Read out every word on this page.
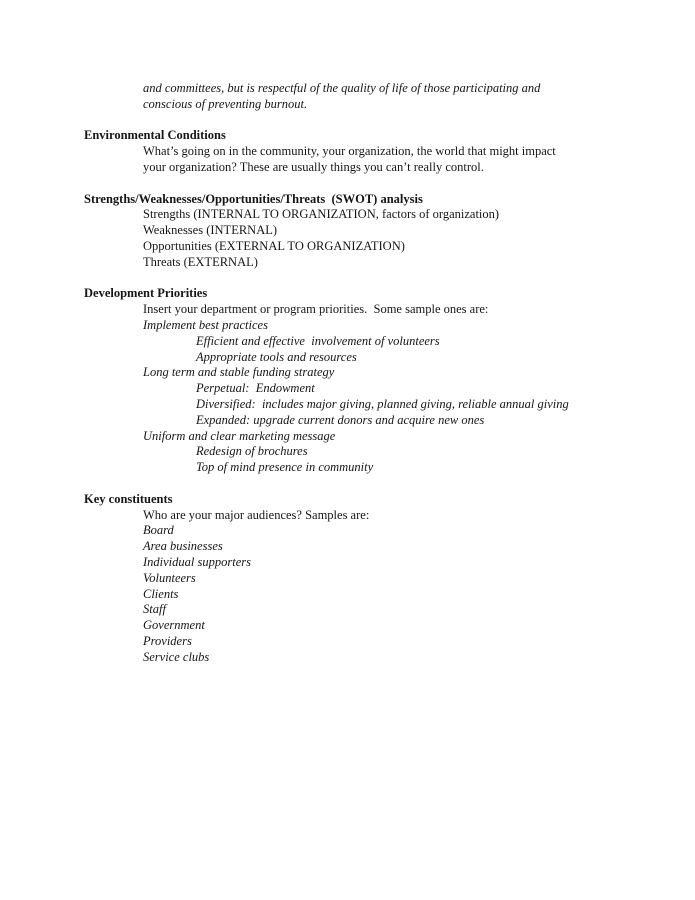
and committees, but is respectful of the quality of life of those participating and
conscious of preventing burnout.
Environmental Conditions
What’s going on in the community, your organization, the world that might impact
your organization? These are usually things you can’t really control.
Strengths/Weaknesses/Opportunities/Threats  (SWOT) analysis
Strengths (INTERNAL TO ORGANIZATION, factors of organization)
Weaknesses (INTERNAL)
Opportunities (EXTERNAL TO ORGANIZATION)
Threats (EXTERNAL)
Development Priorities
Insert your department or program priorities.  Some sample ones are:
Implement best practices
Efficient and effective  involvement of volunteers
Appropriate tools and resources
Long term and stable funding strategy
Perpetual:  Endowment
Diversified:  includes major giving, planned giving, reliable annual giving
Expanded: upgrade current donors and acquire new ones
Uniform and clear marketing message
Redesign of brochures
Top of mind presence in community
Key constituents
Who are your major audiences? Samples are:
Board
Area businesses
Individual supporters
Volunteers
Clients
Staff
Government
Providers
Service clubs
